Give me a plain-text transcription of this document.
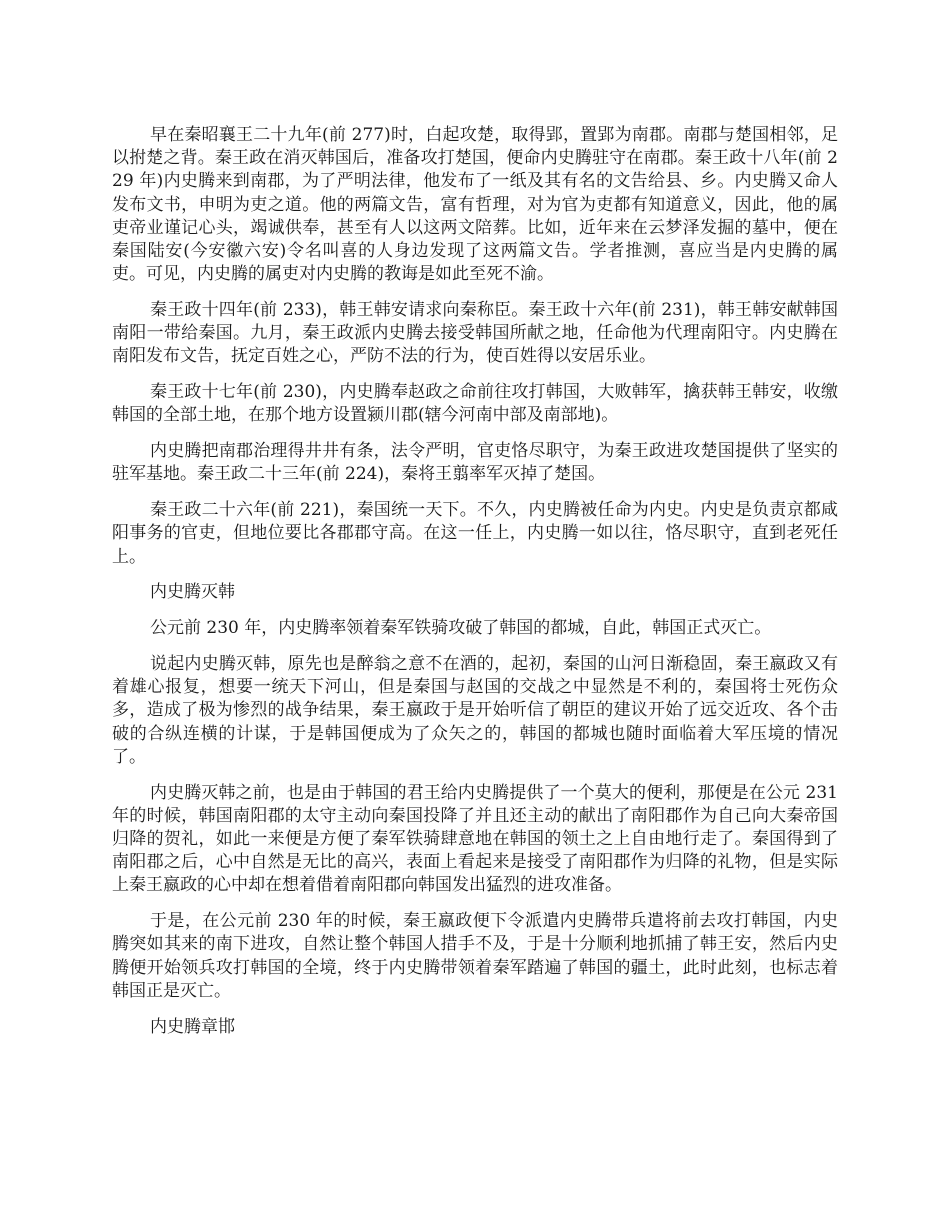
早在秦昭襄王二十九年(前 277)时，白起攻楚，取得郢，置郢为南郡。南郡与楚国相邻，足以拊楚之背。秦王政在消灭韩国后，准备攻打楚国，便命内史腾驻守在南郡。秦王政十八年(前 229 年)内史腾来到南郡，为了严明法律，他发布了一纸及其有名的文告给县、乡。内史腾又命人发布文书，申明为吏之道。他的两篇文告，富有哲理，对为官为吏都有知道意义，因此，他的属吏帝业谨记心头，竭诚供奉，甚至有人以这两文陪葬。比如，近年来在云梦泽发掘的墓中，便在秦国陆安(今安徽六安)令名叫喜的人身边发现了这两篇文告。学者推测，喜应当是内史腾的属吏。可见，内史腾的属吏对内史腾的教诲是如此至死不渝。

秦王政十四年(前 233)，韩王韩安请求向秦称臣。秦王政十六年(前 231)，韩王韩安献韩国南阳一带给秦国。九月，秦王政派内史腾去接受韩国所献之地，任命他为代理南阳守。内史腾在南阳发布文告，抚定百姓之心，严防不法的行为，使百姓得以安居乐业。

秦王政十七年(前 230)，内史腾奉赵政之命前往攻打韩国，大败韩军，擒获韩王韩安，收缴韩国的全部土地，在那个地方设置颍川郡(辖今河南中部及南部地)。

内史腾把南郡治理得井井有条，法令严明，官吏恪尽职守，为秦王政进攻楚国提供了坚实的驻军基地。秦王政二十三年(前 224)，秦将王翦率军灭掉了楚国。

秦王政二十六年(前 221)，秦国统一天下。不久，内史腾被任命为内史。内史是负责京都咸阳事务的官吏，但地位要比各郡郡守高。在这一任上，内史腾一如以往，恪尽职守，直到老死任上。

内史腾灭韩

公元前 230 年，内史腾率领着秦军铁骑攻破了韩国的都城，自此，韩国正式灭亡。

说起内史腾灭韩，原先也是醉翁之意不在酒的，起初，秦国的山河日渐稳固，秦王嬴政又有着雄心报复，想要一统天下河山，但是秦国与赵国的交战之中显然是不利的，秦国将士死伤众多，造成了极为惨烈的战争结果，秦王嬴政于是开始听信了朝臣的建议开始了远交近攻、各个击破的合纵连横的计谋，于是韩国便成为了众矢之的，韩国的都城也随时面临着大军压境的情况了。

内史腾灭韩之前，也是由于韩国的君王给内史腾提供了一个莫大的便利，那便是在公元 231 年的时候，韩国南阳郡的太守主动向秦国投降了并且还主动的献出了南阳郡作为自己向大秦帝国归降的贺礼，如此一来便是方便了秦军铁骑肆意地在韩国的领土之上自由地行走了。秦国得到了南阳郡之后，心中自然是无比的高兴，表面上看起来是接受了南阳郡作为归降的礼物，但是实际上秦王嬴政的心中却在想着借着南阳郡向韩国发出猛烈的进攻准备。

于是，在公元前 230 年的时候，秦王嬴政便下令派遣内史腾带兵遣将前去攻打韩国，内史腾突如其来的南下进攻，自然让整个韩国人措手不及，于是十分顺利地抓捕了韩王安，然后内史腾便开始领兵攻打韩国的全境，终于内史腾带领着秦军踏遍了韩国的疆土，此时此刻，也标志着韩国正是灭亡。

内史腾章邯
